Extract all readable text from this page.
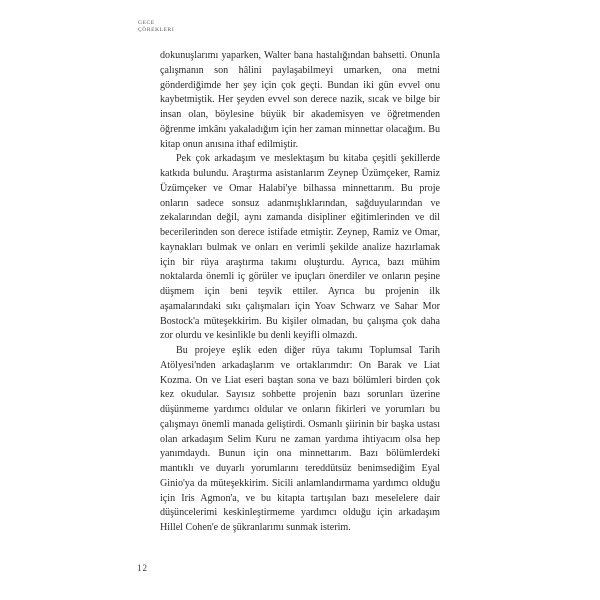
GECE
ÇÖREKLERI

dokunuşlarımı yaparken, Walter bana hastalığından bahsetti. Onunla çalışmanın son hâlini paylaşabilmeyi umarken, ona metni gönderdiğimde her şey için çok geçti. Bundan iki gün evvel onu kaybetmiştik. Her şeyden evvel son derece nazik, sıcak ve bilge bir insan olan, böylesine büyük bir akademisyen ve öğretmenden öğrenme imkânı yakaladığım için her zaman minnettar olacağım. Bu kitap onun anısına ithaf edilmiştir.

Pek çok arkadaşım ve meslektaşım bu kitaba çeşitli şekillerde katkıda bulundu. Araştırma asistanlarım Zeynep Üzümçeker, Ramiz Üzümçeker ve Omar Halabi'ye bilhassa minnettarım. Bu proje onların sadece sonsuz adanmışlıklarından, sağduyularından ve zekalarından değil, aynı zamanda disipliner eğitimlerinden ve dil becerilerinden son derece istifade etmiştir. Zeynep, Ramiz ve Omar, kaynakları bulmak ve onları en verimli şekilde analize hazırlamak için bir rüya araştırma takımı oluşturdu. Ayrıca, bazı mühim noktalarda önemli iç görüler ve ipuçları önerdiler ve onların peşine düşmem için beni teşvik ettiler. Ayrıca bu projenin ilk aşamalarındaki sıkı çalışmaları için Yoav Schwarz ve Sahar Mor Bostock'a müteşekkirim. Bu kişiler olmadan, bu çalışma çok daha zor olurdu ve kesinlikle bu denli keyifli olmazdı.

Bu projeye eşlik eden diğer rüya takımı Toplumsal Tarih Atölyesi'nden arkadaşlarım ve ortaklarımdır: On Barak ve Liat Kozma. On ve Liat eseri baştan sona ve bazı bölümleri birden çok kez okudular. Sayısız sohbette projenin bazı sorunları üzerine düşünmeme yardımcı oldular ve onların fikirleri ve yorumları bu çalışmayı önemli manada geliştirdi. Osmanlı şiirinin bir başka ustası olan arkadaşım Selim Kuru ne zaman yardıma ihtiyacım olsa hep yanımdaydı. Bunun için ona minnettarım. Bazı bölümlerdeki mantıklı ve duyarlı yorumlarını tereddütsüz benimsediğim Eyal Ginio'ya da müteşekkirim. Sicili anlamlandırmama yardımcı olduğu için Iris Agmon'a, ve bu kitapta tartışılan bazı meselelere dair düşüncelerimi keskinleştirmeme yardımcı olduğu için arkadaşım Hillel Cohen'e de şükranlarımı sunmak isterim.

12
